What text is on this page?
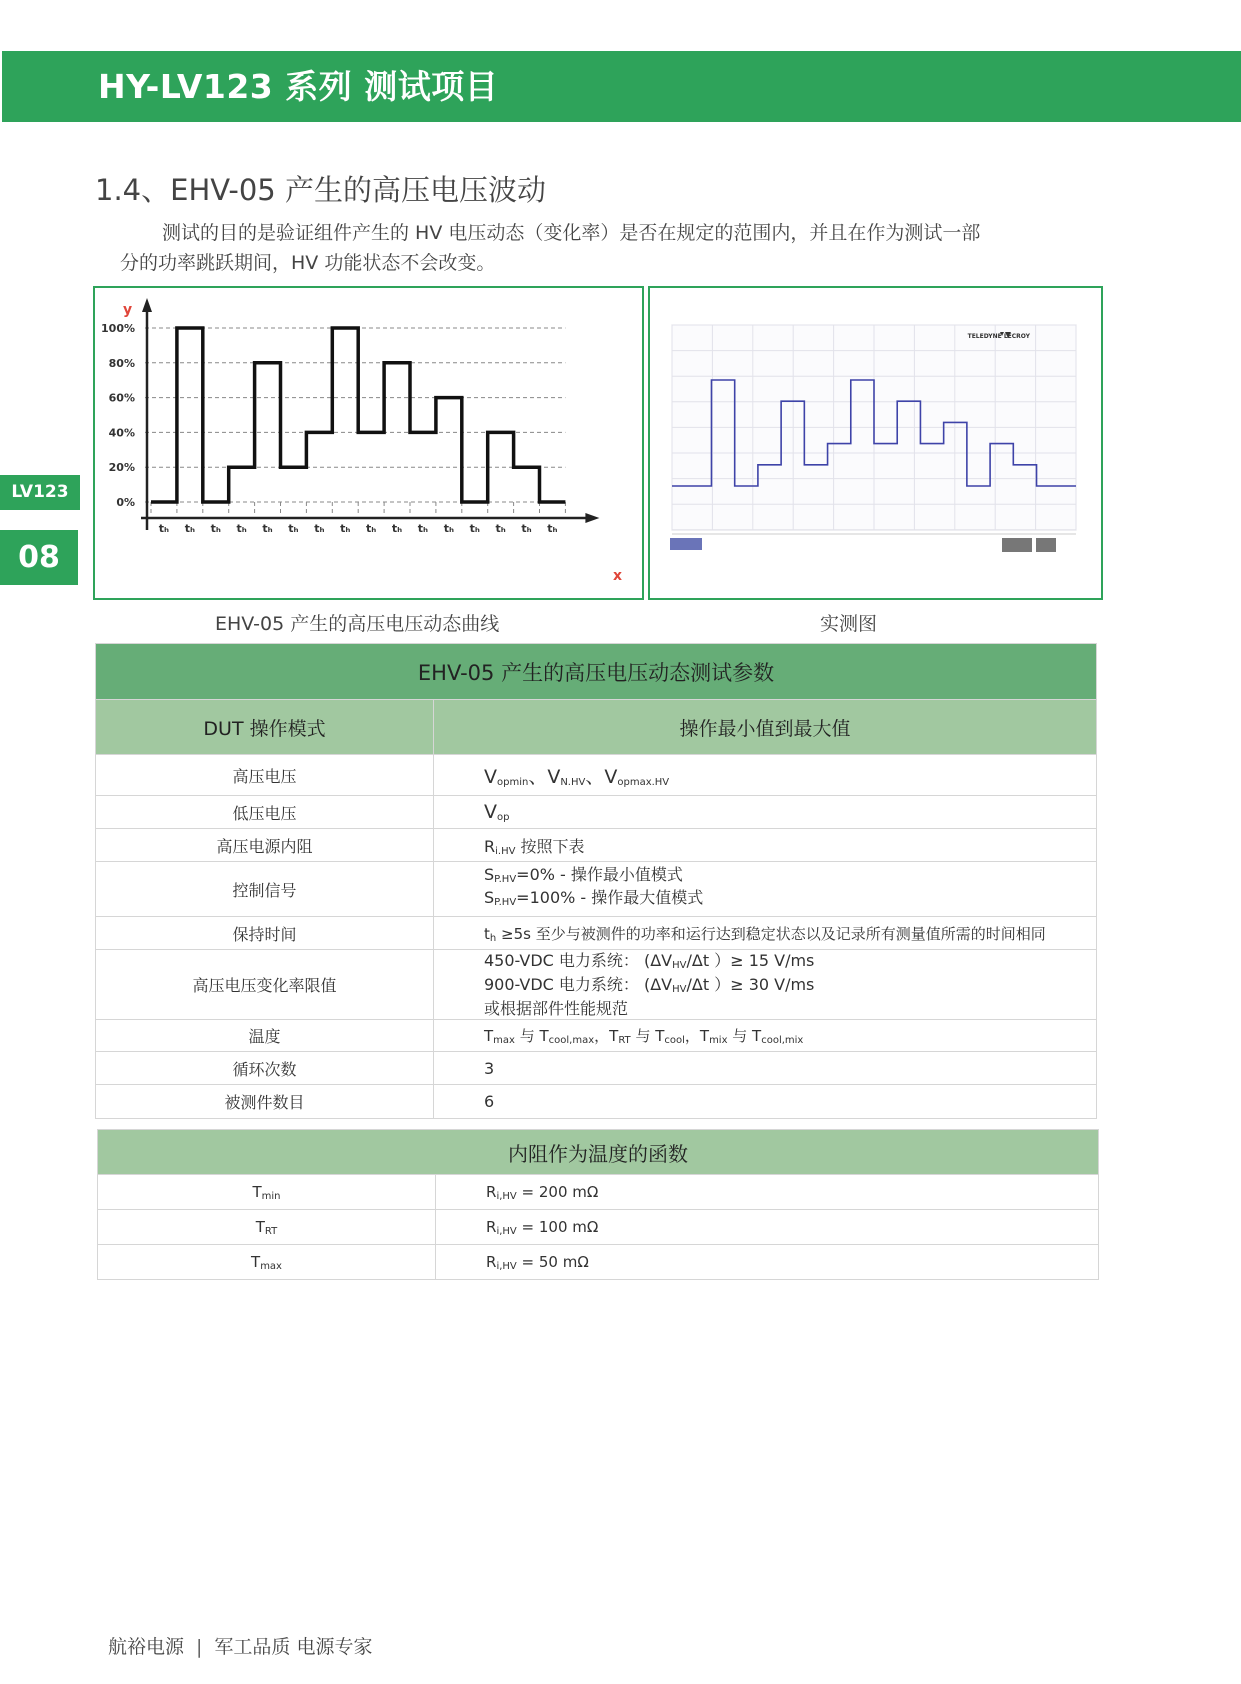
HY-LV123 系列 测试项目
LV123
08
1.4、EHV-05 产生的高压电压波动
测试的目的是验证组件产生的 HV 电压动态（变化率）是否在规定的范围内，并且在作为测试一部
分的功率跳跃期间，HV 功能状态不会改变。
y
x
0%
20%
40%
60%
80%
100%
tₕ tₕ tₕ tₕ tₕ tₕ tₕ tₕ tₕ tₕ tₕ tₕ tₕ tₕ tₕ tₕ
EHV-05 产生的高压电压动态曲线
TELEDYNE LECROY
实测图
EHV-05 产生的高压电压动态测试参数	
DUT 操作模式	操作最小值到最大值
高压电压	$V_{opmin}$、$V_{N.HV}$、$V_{opmax.HV}$
低压电压	$V_{op}$
高压电源内阻	$R_{i.HV}$ 按照下表
控制信号	$S_{P.HV}=0\%$ - 操作最小值模式
$S_{P.HV}=100\%$ - 操作最大值模式

保持时间	$t_h \ge 5s$ 至少与被测件的功率和运行达到稳定状态以及记录所有测量值所需的时间相同
高压电压变化率限值	450-VDC 电力系统： ($\Delta V_{HV}/\Delta t$ ）≥ 15 V/ms
900-VDC 电力系统： ($\Delta V_{HV}/\Delta t$ ）≥ 30 V/ms
或根据部件性能规范

温度	$T_{max}$ 与 $T_{cool,max}$，$T_{RT}$ 与 $T_{cool}$，$T_{mix}$ 与 $T_{cool,mix}$
循环次数	3
被测件数目	6
内阻作为温度的函数	
$T_{min}$	$R_{i,HV} = 200$ mΩ
$T_{RT}$	$R_{i,HV} = 100$ mΩ
$T_{max}$	$R_{i,HV} = 50$ mΩ
航裕电源 | 军工品质 电源专家
